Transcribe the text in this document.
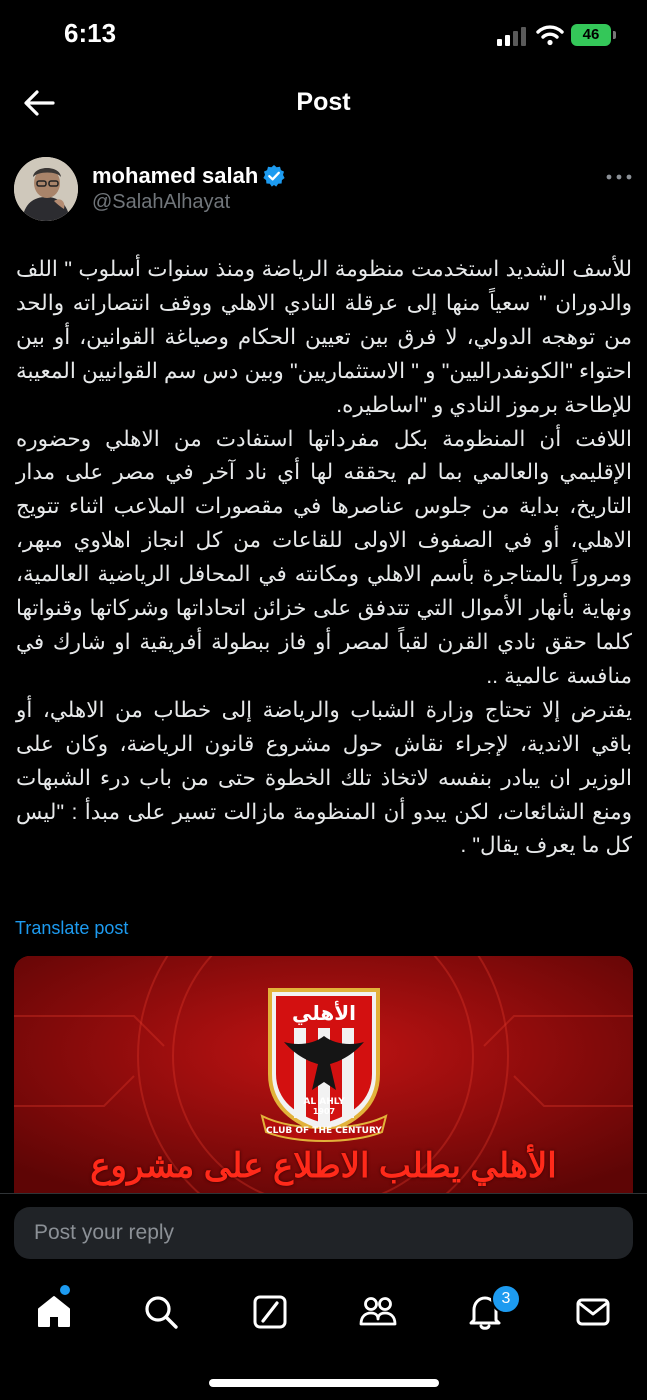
6:13	46
Post
mohamed salah
@SalahAlhayat
للأسف الشديد استخدمت منظومة الرياضة ومنذ سنوات أسلوب " اللف والدوران " سعياً منها إلى عرقلة النادي الاهلي ووقف انتصاراته والحد من توهجه الدولي، لا فرق بين تعيين الحكام وصياغة القوانين، أو بين احتواء "الكونفدراليين" و " الاستثماريين" وبين دس سم القوانيين المعيبة للإطاحة برموز النادي و "اساطيره.
اللافت أن المنظومة بكل مفرداتها استفادت من الاهلي وحضوره الإقليمي والعالمي بما لم يحققه لها أي ناد آخر في مصر على مدار التاريخ، بداية من جلوس عناصرها في مقصورات الملاعب اثناء تتويج الاهلي، أو في الصفوف الاولى للقاعات من كل انجاز اهلاوي مبهر، ومروراً بالمتاجرة بأسم الاهلي ومكانته في المحافل الرياضية العالمية، ونهاية بأنهار الأموال التي تتدفق على خزائن اتحاداتها وشركاتها وقنواتها كلما حقق نادي القرن لقباً لمصر أو فاز ببطولة أفريقية او شارك في منافسة عالمية ..
يفترض إلا تحتاج وزارة الشباب والرياضة إلى خطاب من الاهلي، أو باقي الاندية، لإجراء نقاش حول مشروع قانون الرياضة، وكان على الوزير ان يبادر بنفسه لاتخاذ تلك الخطوة حتى من باب درء الشبهات ومنع الشائعات، لكن يبدو أن المنظومة مازالت تسير على مبدأ : "ليس كل ما يعرف يقال" .
Translate post
الأهلي
AL AHLY
1907
CLUB OF THE CENTURY
الأهلي يطلب الاطلاع على مشروع
Post your reply
3
